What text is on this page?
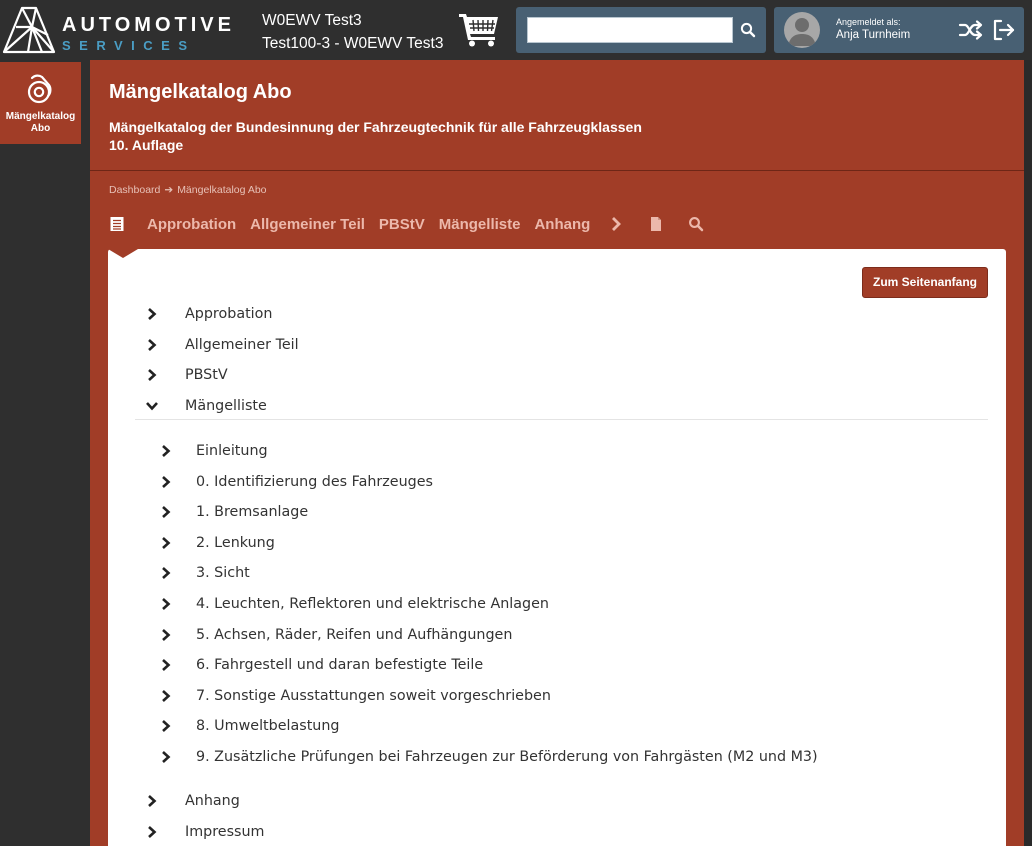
AUTOMOTIVE
SERVICES
W0EWV Test3
Test100-3 - W0EWV Test3
Angemeldet als:
Anja Turnheim
Mängelkatalog Abo
Mängelkatalog Abo
Mängelkatalog der Bundesinnung der Fahrzeugtechnik für alle Fahrzeugklassen
10. Auflage
Dashboard ➔ Mängelkatalog Abo
Approbation Allgemeiner Teil PBStV Mängelliste Anhang
Zum Seitenanfang
Approbation
Allgemeiner Teil
PBStV
Mängelliste
Einleitung
0. Identifizierung des Fahrzeuges
1. Bremsanlage
2. Lenkung
3. Sicht
4. Leuchten, Reflektoren und elektrische Anlagen
5. Achsen, Räder, Reifen und Aufhängungen
6. Fahrgestell und daran befestigte Teile
7. Sonstige Ausstattungen soweit vorgeschrieben
8. Umweltbelastung
9. Zusätzliche Prüfungen bei Fahrzeugen zur Beförderung von Fahrgästen (M2 und M3)
Anhang
Impressum
